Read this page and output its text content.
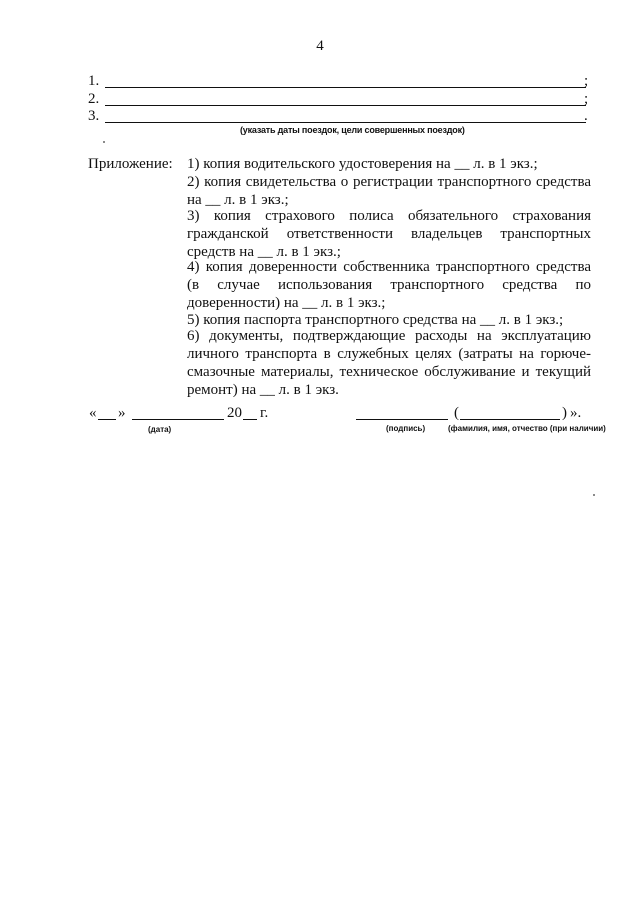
4
1.	;
2.	;
3.	.
(указать даты поездок, цели совершенных поездок)
Приложение: 1) копия водительского удостоверения на __ л. в 1 экз.;
2) копия свидетельства о регистрации транспортного средства
на __ л. в 1 экз.;
3) копия страхового полиса обязательного страхования
гражданской ответственности владельцев транспортных
средств на __ л. в 1 экз.;
4) копия доверенности собственника транспортного средства
(в случае использования транспортного средства по
доверенности) на __ л. в 1 экз.;
5) копия паспорта транспортного средства на __ л. в 1 экз.;
6) документы, подтверждающие расходы на эксплуатацию
личного транспорта в служебных целях (затраты на горюче-
смазочные материалы, техническое обслуживание и текущий
ремонт) на __ л. в 1 экз.
« »	20 г.	(	) ».
(дата)	(подпись)	(фамилия, имя, отчество (при наличии)
